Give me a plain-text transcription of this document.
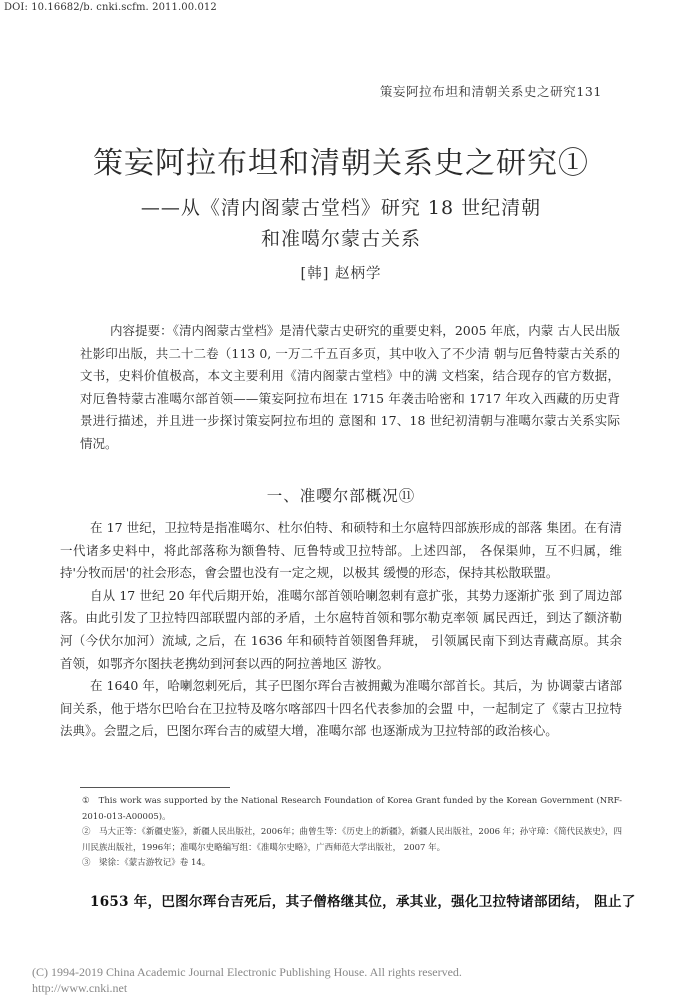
DOI: 10.16682/b. cnki.scfm. 2011.00.012
策妄阿拉布坦和清朝关系史之研究131
策妄阿拉布坦和清朝关系史之研究①
——从《清内阁蒙古堂档》研究 18 世纪清朝
和准噶尔蒙古关系
[韩] 赵柄学
内容提要：《清内阁蒙古堂档》是清代蒙古史研究的重要史料，2005 年底，内蒙 古人民出版社影印出版，共二十二卷（113 0, 一万二千五百多页，其中收入了不少清 朝与厄鲁特蒙古关系的文书，史料价值极高，本文主要利用《清内阁蒙古堂档》中的满 文档案，结合现存的官方数据，对厄鲁特蒙古准噶尔部首领——策妄阿拉布坦在 1715 年袭击哈密和 1717 年攻入西藏的历史背景进行描述，并且进一步探讨策妄阿拉布坦的 意图和 17、18 世纪初清朝与准噶尔蒙古关系实际情况。
一、准嘤尔部概况⑪

在 17 世纪，卫拉特是指准噶尔、杜尔伯特、和硕特和土尔扈特四部族形成的部落 集团。在有清一代诸多史料中，将此部落称为额鲁特、厄鲁特或卫拉特部。上述四部， 各保渠帅，互不归属，维持'分牧而居'的社会形态，㑹会盟也没有一定之规，以极其 缓慢的形态，保持其松散联盟。

自从 17 世纪 20 年代后期开始，准噶尔部首领哈喇忽剌有意扩张，其势力逐渐扩张 到了周边部落。由此引发了卫拉特四部联盟内部的矛盾，土尔扈特首领和鄂尔勒克率领 属民西迁，到达了额济勒河（今伏尔加河）流域, 之后，在 1636 年和硕特首领图鲁拜琥， 引领属民南下到达青藏高原。其余首领，如鄂齐尔图扶老携幼到河套以西的阿拉善地区 游牧。

在 1640 年，哈喇忽剌死后，其子巴图尔珲台吉被拥戴为准噶尔部首长。其后，为 协调蒙古诸部间关系，他于塔尔巴哈台在卫拉特及喀尔喀部四十四名代表参加的会盟 中，一起制定了《蒙古卫拉特法典》。会盟之后，巴图尔珲台吉的威望大增，准噶尔部 也逐渐成为卫拉特部的政治核心。

①　This work was supported by the National Research Foundation of Korea Grant funded by the Korean Government (NRF-2010-013-A00005)。

②　马大正等：《新疆史鉴》，新疆人民出版社，2006年；曲曾生等：《历史上的新疆》，新疆人民出版社，2006 年；孙守璋：《简代民族史》，四川民族出版社，1996年；准噶尔史略编写组：《准噶尔史略》，广西师范大学出版社， 2007 年。

③　梁徐：《蒙古游牧记》卷 14。

1653 年，巴图尔珲台吉死后，其子僧格继其位，承其业，强化卫拉特诸部团结， 阻止了
(C) 1994-2019 China Academic Journal Electronic Publishing House. All rights reserved.
http://www.cnki.net
